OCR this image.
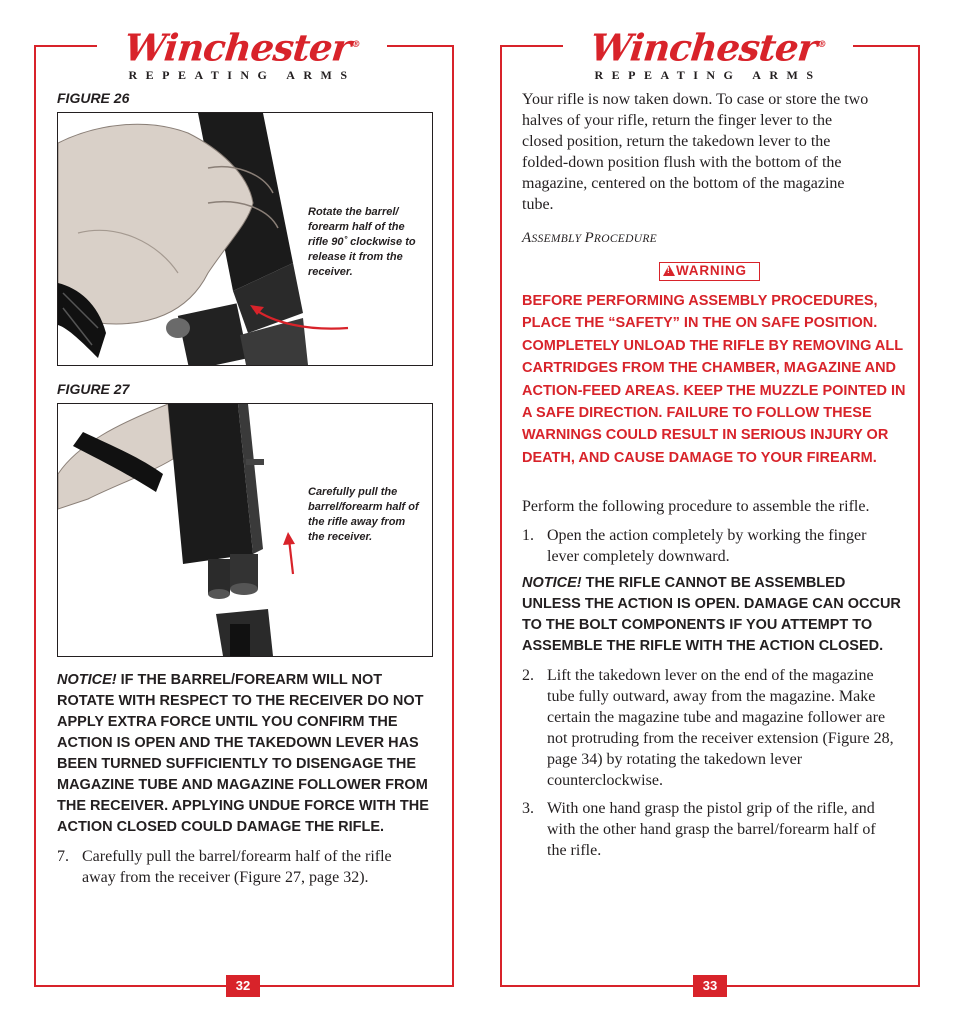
Winchester®
REPEATING ARMS
Winchester®
REPEATING ARMS
FIGURE 26
Rotate the barrel/ forearm half of the rifle 90˚ clockwise to release it from the receiver.
FIGURE 27
Carefully pull the barrel/forearm half of the rifle away from the receiver.
NOTICE! IF THE BARREL/FOREARM WILL NOT ROTATE WITH RESPECT TO THE RECEIVER DO NOT APPLY EXTRA FORCE UNTIL YOU CONFIRM THE ACTION IS OPEN AND THE TAKEDOWN LEVER HAS BEEN TURNED SUFFICIENTLY TO DISENGAGE THE MAGAZINE TUBE AND MAGAZINE FOLLOWER FROM THE RECEIVER. APPLYING UNDUE FORCE WITH THE ACTION CLOSED COULD DAMAGE THE RIFLE.
7. Carefully pull the barrel/forearm half of the rifle away from the receiver (Figure 27, page 32).
32
Your rifle is now taken down. To case or store the two halves of your rifle, return the finger lever to the closed position, return the takedown lever to the folded-down position flush with the bottom of the magazine, centered on the bottom of the magazine tube.
ASSEMBLY PROCEDURE
! WARNING
BEFORE PERFORMING ASSEMBLY PROCEDURES, PLACE THE “SAFETY” IN THE ON SAFE POSITION. COMPLETELY UNLOAD THE RIFLE BY REMOVING ALL CARTRIDGES FROM THE CHAMBER, MAGAZINE AND ACTION-FEED AREAS. KEEP THE MUZZLE POINTED IN A SAFE DIRECTION. FAILURE TO FOLLOW THESE WARNINGS COULD RESULT IN SERIOUS INJURY OR DEATH, AND CAUSE DAMAGE TO YOUR FIREARM.
Perform the following procedure to assemble the rifle.
1. Open the action completely by working the finger lever completely downward.
NOTICE! THE RIFLE CANNOT BE ASSEMBLED UNLESS THE ACTION IS OPEN. DAMAGE CAN OCCUR TO THE BOLT COMPONENTS IF YOU ATTEMPT TO ASSEMBLE THE RIFLE WITH THE ACTION CLOSED.
2. Lift the takedown lever on the end of the magazine tube fully outward, away from the magazine. Make certain the magazine tube and magazine follower are not protruding from the receiver extension (Figure 28, page 34) by rotating the takedown lever counterclockwise.
3. With one hand grasp the pistol grip of the rifle, and with the other hand grasp the barrel/forearm half of the rifle.
33
